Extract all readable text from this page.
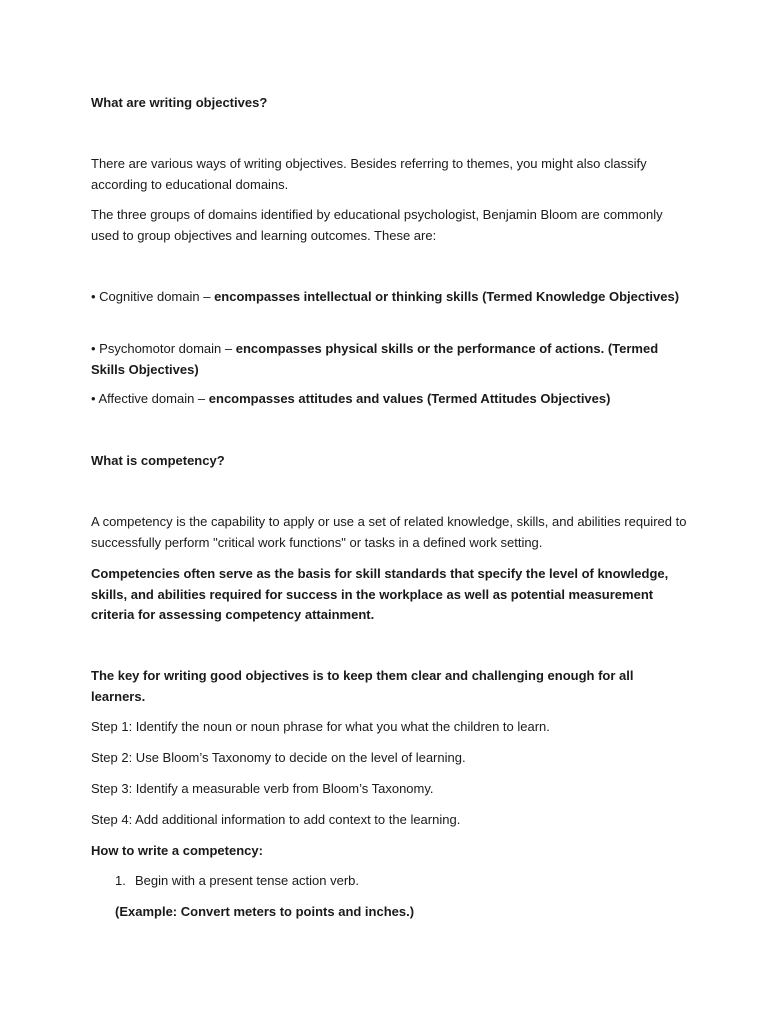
What are writing objectives?

There are various ways of writing objectives. Besides referring to themes, you might also classify according to educational domains.

The three groups of domains identified by educational psychologist, Benjamin Bloom are commonly used to group objectives and learning outcomes. These are:

• Cognitive domain – encompasses intellectual or thinking skills (Termed Knowledge Objectives)

• Psychomotor domain – encompasses physical skills or the performance of actions. (Termed Skills Objectives)

• Affective domain – encompasses attitudes and values (Termed Attitudes Objectives)

What is competency?

A competency is the capability to apply or use a set of related knowledge, skills, and abilities required to successfully perform "critical work functions" or tasks in a defined work setting.

Competencies often serve as the basis for skill standards that specify the level of knowledge, skills, and abilities required for success in the workplace as well as potential measurement criteria for assessing competency attainment.

The key for writing good objectives is to keep them clear and challenging enough for all learners.

Step 1: Identify the noun or noun phrase for what you what the children to learn.

Step 2: Use Bloom’s Taxonomy to decide on the level of learning.

Step 3: Identify a measurable verb from Bloom’s Taxonomy.

Step 4: Add additional information to add context to the learning.

How to write a competency:

1. Begin with a present tense action verb.

(Example: Convert meters to points and inches.)
